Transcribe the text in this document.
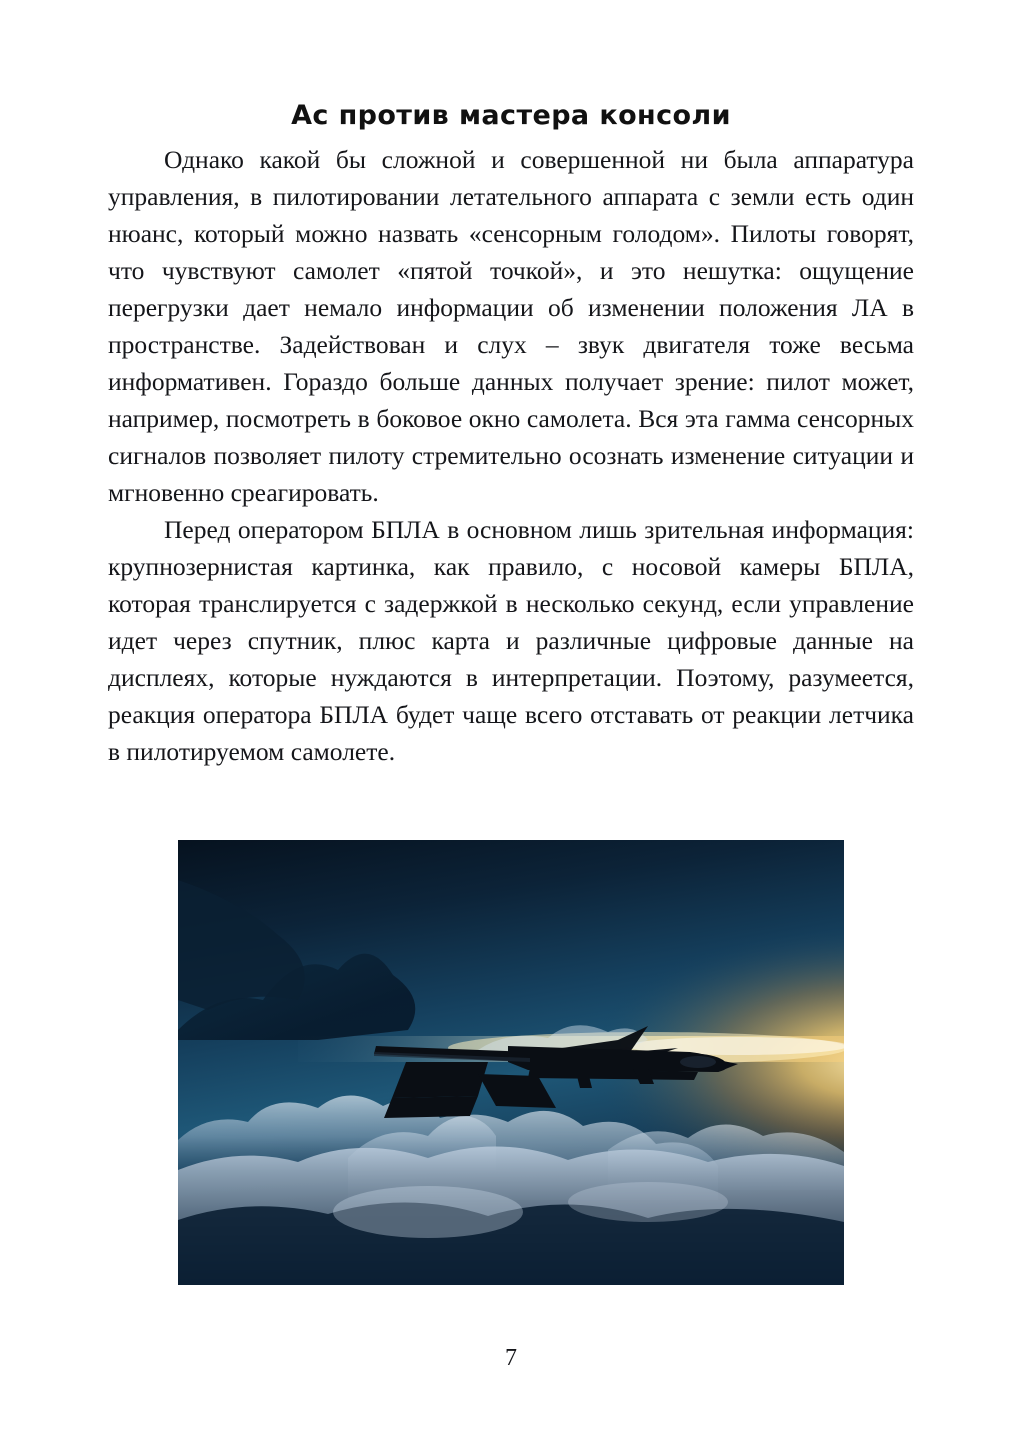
Ас против мастера консоли

Однако какой бы сложной и совершенной ни была аппаратура управления, в пилотировании летательного аппарата с земли есть один нюанс, который можно назвать «сенсорным голодом». Пилоты говорят, что чувствуют самолет «пятой точкой», и это нешутка: ощущение перегрузки дает немало информации об изменении положения ЛА в пространстве. Задействован и слух – звук двигателя тоже весьма информативен. Гораздо больше данных получает зрение: пилот может, например, посмотреть в боковое окно самолета. Вся эта гамма сенсорных сигналов позволяет пилоту стремительно осознать изменение ситуации и мгновенно среагировать.

Перед оператором БПЛА в основном лишь зрительная информация: крупнозернистая картинка, как правило, с носовой камеры БПЛА, которая транслируется с задержкой в несколько секунд, если управление идет через спутник, плюс карта и различные цифровые данные на дисплеях, которые нуждаются в интерпретации. Поэтому, разумеется, реакция оператора БПЛА будет чаще всего отставать от реакции летчика в пилотируемом самолете.

7
